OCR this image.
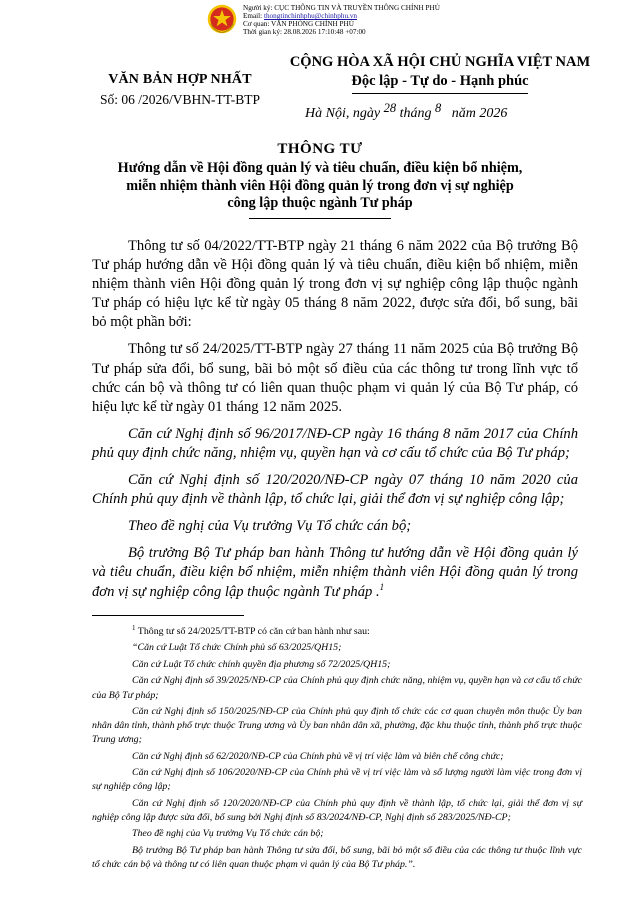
Người ký: CỤC THÔNG TIN VÀ TRUYỀN THÔNG CHÍNH PHỦ
Email: thongtinchinhphu@chinhphu.vn
Cơ quan: VĂN PHÒNG CHÍNH PHỦ
Thời gian ký: 28.08.2026 17:10:48 +07:00
VĂN BẢN HỢP NHẤT
Số: 06 /2026/VBHN-TT-BTP
CỘNG HÒA XÃ HỘI CHỦ NGHĨA VIỆT NAM
Độc lập - Tự do - Hạnh phúc
Hà Nội, ngày 28 tháng 8 năm 2026
THÔNG TƯ
Hướng dẫn về Hội đồng quản lý và tiêu chuẩn, điều kiện bổ nhiệm,
miễn nhiệm thành viên Hội đồng quản lý trong đơn vị sự nghiệp
công lập thuộc ngành Tư pháp

Thông tư số 04/2022/TT-BTP ngày 21 tháng 6 năm 2022 của Bộ trưởng Bộ Tư pháp hướng dẫn về Hội đồng quản lý và tiêu chuẩn, điều kiện bổ nhiệm, miễn nhiệm thành viên Hội đồng quản lý trong đơn vị sự nghiệp công lập thuộc ngành Tư pháp có hiệu lực kể từ ngày 05 tháng 8 năm 2022, được sửa đổi, bổ sung, bãi bỏ một phần bởi:

Thông tư số 24/2025/TT-BTP ngày 27 tháng 11 năm 2025 của Bộ trưởng Bộ Tư pháp sửa đổi, bổ sung, bãi bỏ một số điều của các thông tư trong lĩnh vực tổ chức cán bộ và thông tư có liên quan thuộc phạm vi quản lý của Bộ Tư pháp, có hiệu lực kể từ ngày 01 tháng 12 năm 2025.

Căn cứ Nghị định số 96/2017/NĐ-CP ngày 16 tháng 8 năm 2017 của Chính phủ quy định chức năng, nhiệm vụ, quyền hạn và cơ cấu tổ chức của Bộ Tư pháp;

Căn cứ Nghị định số 120/2020/NĐ-CP ngày 07 tháng 10 năm 2020 của Chính phủ quy định về thành lập, tổ chức lại, giải thể đơn vị sự nghiệp công lập;

Theo đề nghị của Vụ trưởng Vụ Tổ chức cán bộ;

Bộ trưởng Bộ Tư pháp ban hành Thông tư hướng dẫn về Hội đồng quản lý và tiêu chuẩn, điều kiện bổ nhiệm, miễn nhiệm thành viên Hội đồng quản lý trong đơn vị sự nghiệp công lập thuộc ngành Tư pháp .$^1$

$^1$ Thông tư số 24/2025/TT-BTP có căn cứ ban hành như sau:

“Căn cứ Luật Tổ chức Chính phủ số 63/2025/QH15;

Căn cứ Luật Tổ chức chính quyền địa phương số 72/2025/QH15;

Căn cứ Nghị định số 39/2025/NĐ-CP của Chính phủ quy định chức năng, nhiệm vụ, quyền hạn và cơ cấu tổ chức của Bộ Tư pháp;

Căn cứ Nghị định số 150/2025/NĐ-CP của Chính phủ quy định tổ chức các cơ quan chuyên môn thuộc Ủy ban nhân dân tỉnh, thành phố trực thuộc Trung ương và Ủy ban nhân dân xã, phường, đặc khu thuộc tỉnh, thành phố trực thuộc Trung ương;

Căn cứ Nghị định số 62/2020/NĐ-CP của Chính phủ về vị trí việc làm và biên chế công chức;

Căn cứ Nghị định số 106/2020/NĐ-CP của Chính phủ về vị trí việc làm và số lượng người làm việc trong đơn vị sự nghiệp công lập;

Căn cứ Nghị định số 120/2020/NĐ-CP của Chính phủ quy định về thành lập, tổ chức lại, giải thể đơn vị sự nghiệp công lập được sửa đổi, bổ sung bởi Nghị định số 83/2024/NĐ-CP, Nghị định số 283/2025/NĐ-CP;

Theo đề nghị của Vụ trưởng Vụ Tổ chức cán bộ;

Bộ trưởng Bộ Tư pháp ban hành Thông tư sửa đổi, bổ sung, bãi bỏ một số điều của các thông tư thuộc lĩnh vực tổ chức cán bộ và thông tư có liên quan thuộc phạm vi quản lý của Bộ Tư pháp.”.
